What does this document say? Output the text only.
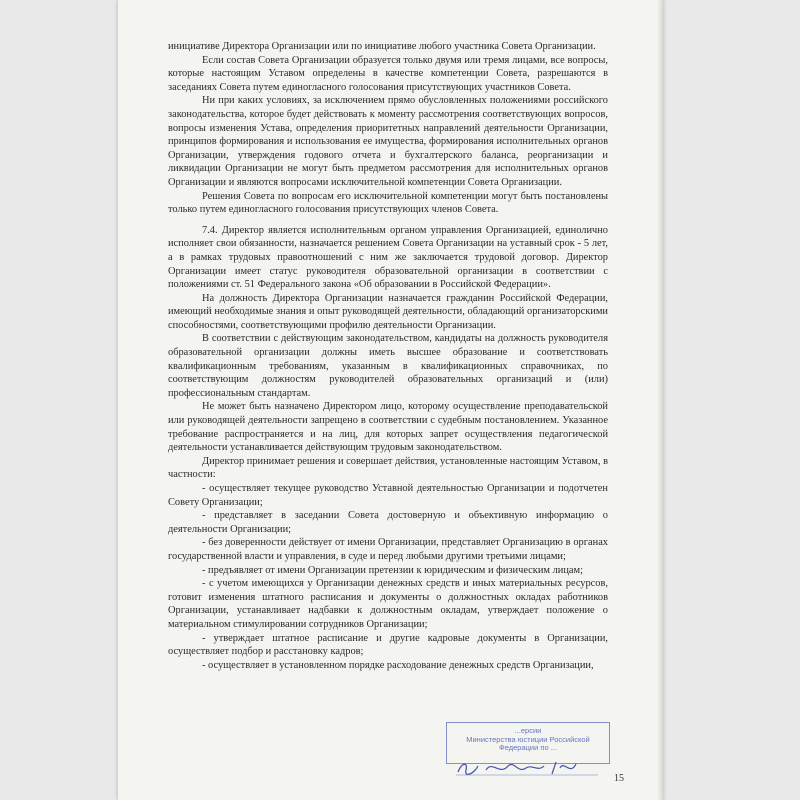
инициативе Директора Организации или по инициативе любого участника Совета Организации.

Если состав Совета Организации образуется только двумя или тремя лицами, все вопросы, которые настоящим Уставом определены в качестве компетенции Совета, разрешаются в заседаниях Совета путем единогласного голосования присутствующих участников Совета.

Ни при каких условиях, за исключением прямо обусловленных положениями российского законодательства, которое будет действовать к моменту рассмотрения соответствующих вопросов, вопросы изменения Устава, определения приоритетных направлений деятельности Организации, принципов формирования и использования ее имущества, формирования исполнительных органов Организации, утверждения годового отчета и бухгалтерского баланса, реорганизации и ликвидации Организации не могут быть предметом рассмотрения для исполнительных органов Организации и являются вопросами исключительной компетенции Совета Организации.

Решения Совета по вопросам его исключительной компетенции могут быть постановлены только путем единогласного голосования присутствующих членов Совета.

7.4. Директор является исполнительным органом управления Организацией, единолично исполняет свои обязанности, назначается решением Совета Организации на уставный срок - 5 лет, а в рамках трудовых правоотношений с ним же заключается трудовой договор. Директор Организации имеет статус руководителя образовательной организации в соответствии с положениями ст. 51 Федерального закона «Об образовании в Российской Федерации».

На должность Директора Организации назначается гражданин Российской Федерации, имеющий необходимые знания и опыт руководящей деятельности, обладающий организаторскими способностями, соответствующими профилю деятельности Организации.

В соответствии с действующим законодательством, кандидаты на должность руководителя образовательной организации должны иметь высшее образование и соответствовать квалификационным требованиям, указанным в квалификационных справочниках, по соответствующим должностям руководителей образовательных организаций и (или) профессиональным стандартам.

Не может быть назначено Директором лицо, которому осуществление преподавательской или руководящей деятельности запрещено в соответствии с судебным постановлением. Указанное требование распространяется и на лиц, для которых запрет осуществления педагогической деятельности устанавливается действующим трудовым законодательством.

Директор принимает решения и совершает действия, установленные настоящим Уставом, в частности:

- осуществляет текущее руководство Уставной деятельностью Организации и подотчетен Совету Организации;

- представляет в заседании Совета достоверную и объективную информацию о деятельности Организации;

- без доверенности действует от имени Организации, представляет Организацию в органах государственной власти и управления, в суде и перед любыми другими третьими лицами;

- предъявляет от имени Организации претензии к юридическим и физическим лицам;

- с учетом имеющихся у Организации денежных средств и иных материальных ресурсов, готовит изменения штатного расписания и документы о должностных окладах работников Организации, устанавливает надбавки к должностным окладам, утверждает положение о материальном стимулировании сотрудников Организации;

- утверждает штатное расписание и другие кадровые документы в Организации, осуществляет подбор и расстановку кадров;

- осуществляет в установленном порядке расходование денежных средств Организации,

...ерсии
Министерства юстиции Российской
Федерации по ...
15
